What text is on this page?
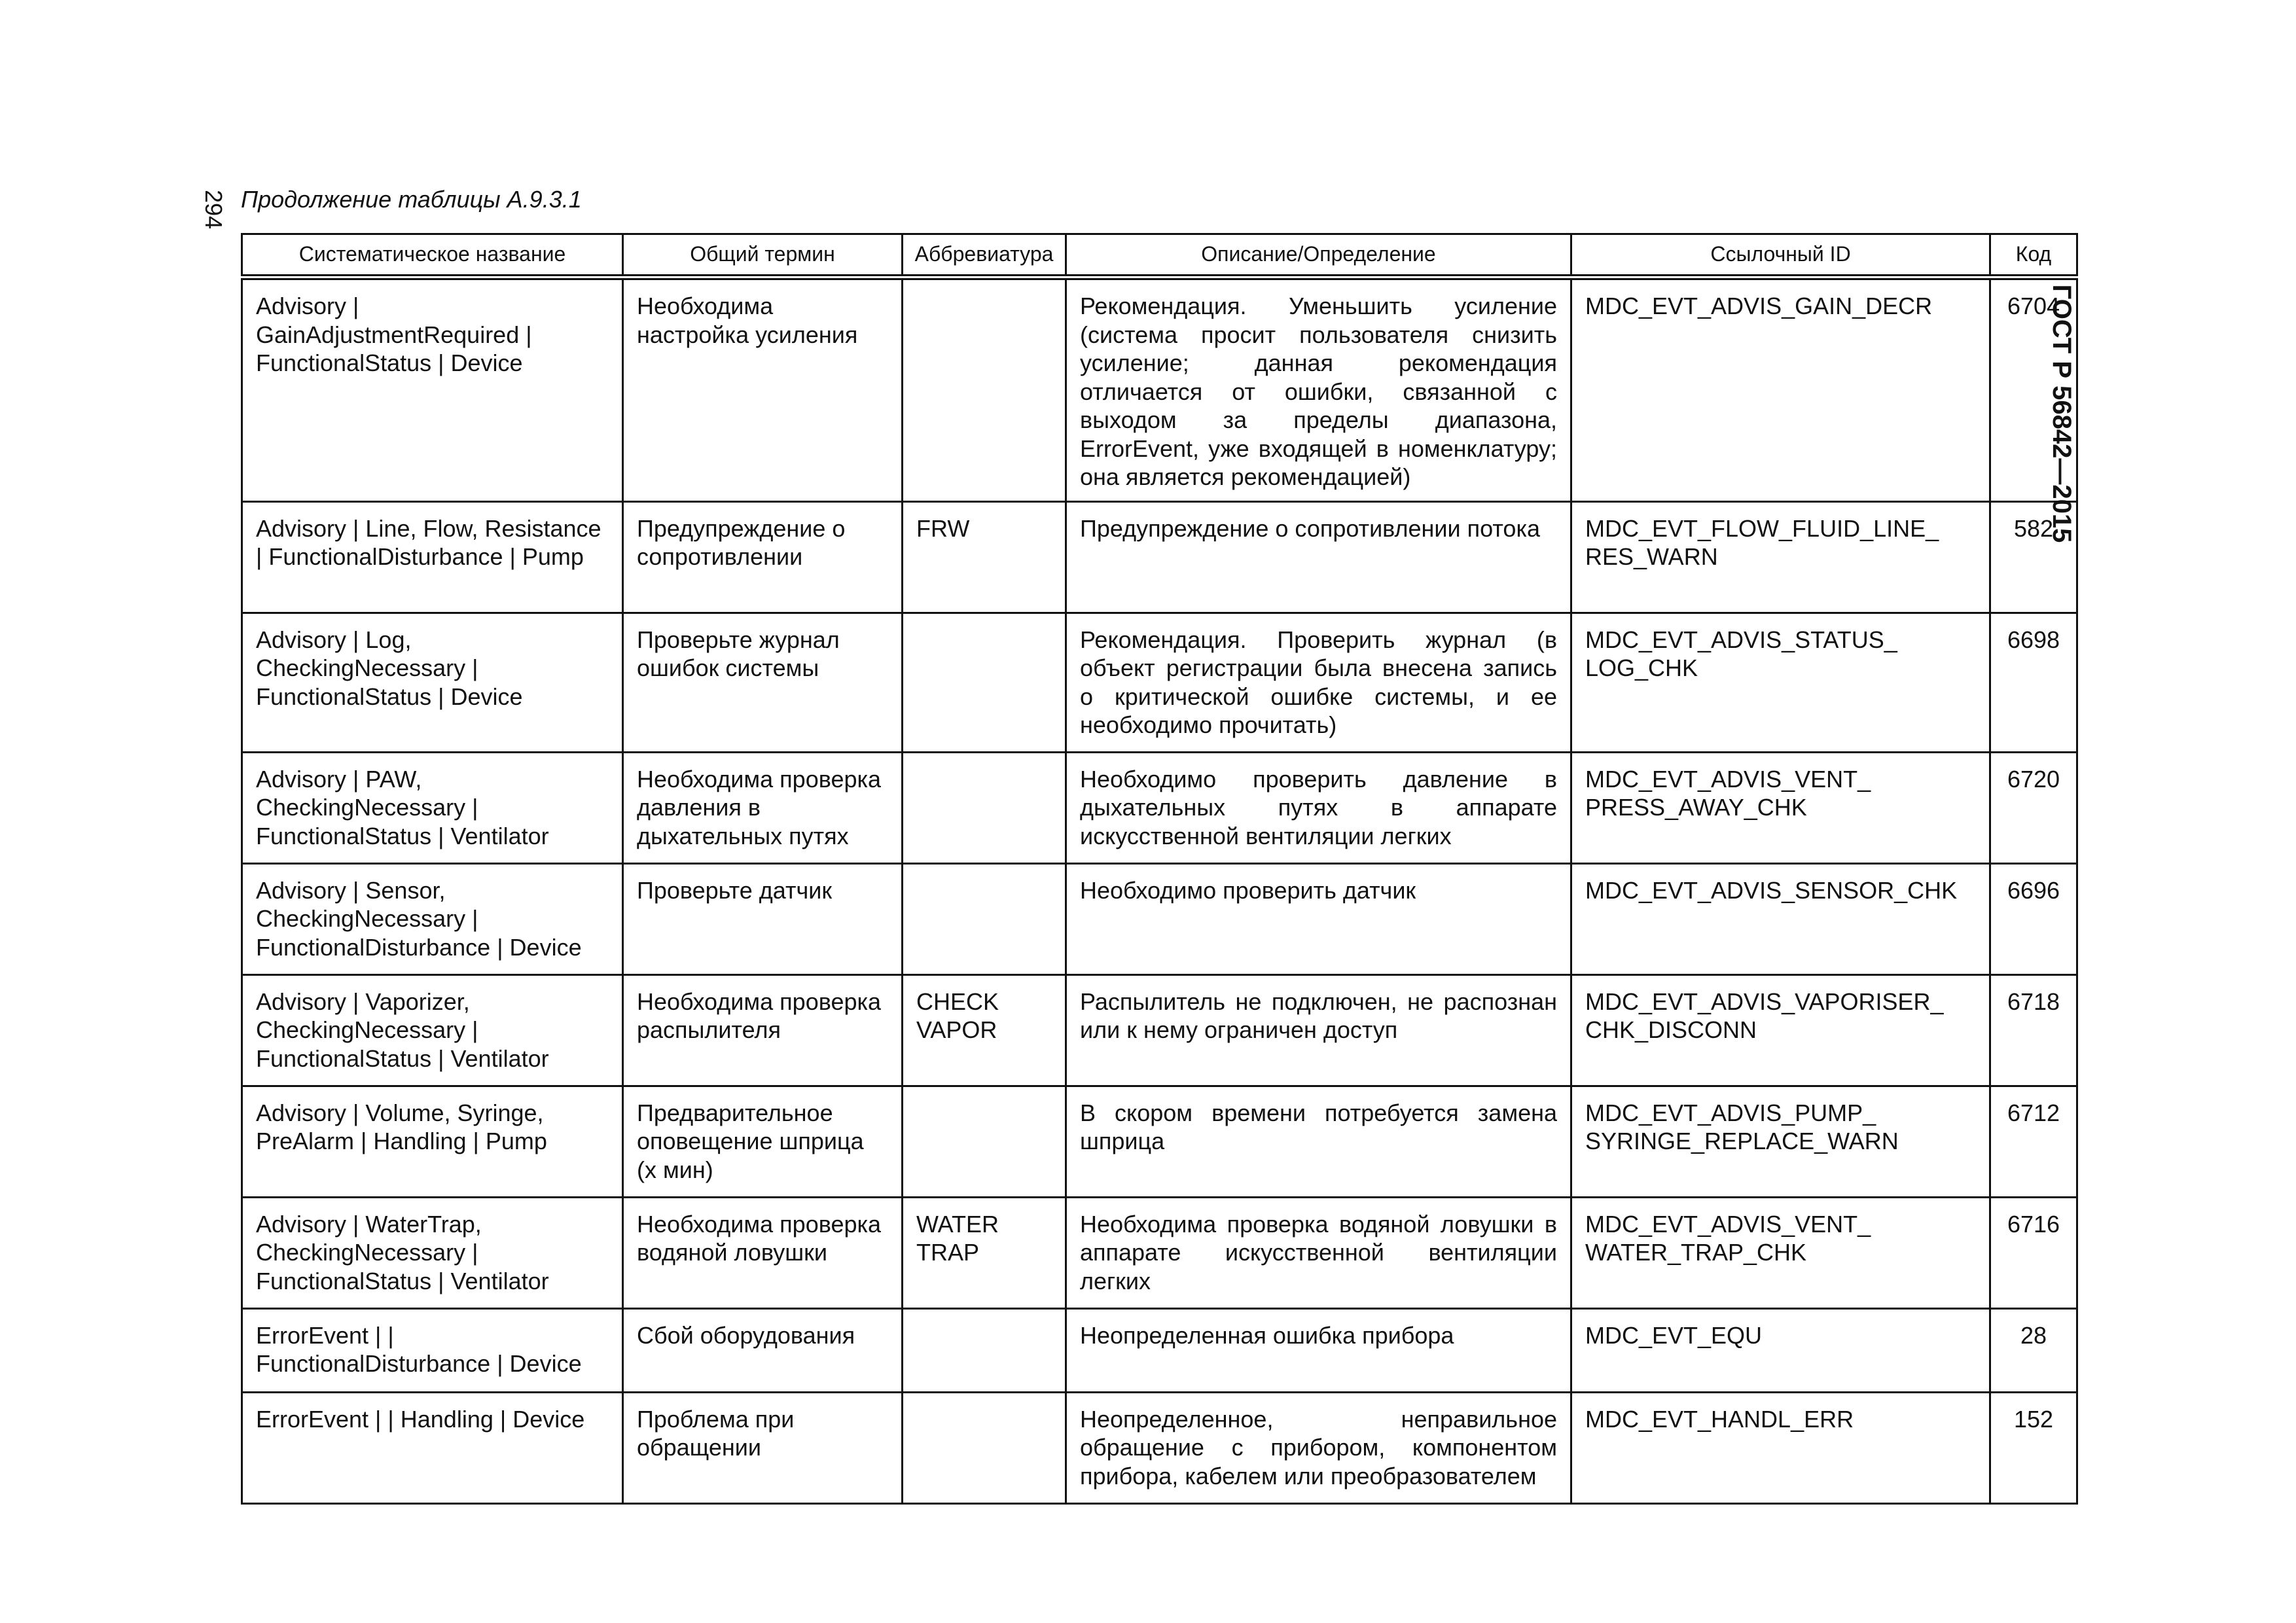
294
ГОСТ Р 56842—2015
Продолжение таблицы А.9.3.1
Систематическое название	Общий термин	Аббревиатура	Описание/Определение	Ссылочный ID	Код
Advisory | GainAdjustmentRequired | FunctionalStatus | Device	Необходима настройка усиления		Рекомендация. Уменьшить усиление (система просит пользователя снизить усиление; данная рекомендация отличается от ошибки, связанной с выходом за пределы диапазона, ErrorEvent, уже входящей в номенклатуру; она является рекомендацией)	MDC_EVT_ADVIS_GAIN_DECR	6704
Advisory | Line, Flow, Resistance | FunctionalDisturbance | Pump	Предупреждение о сопротивлении	FRW	Предупреждение о сопротивлении потока	MDC_EVT_FLOW_FLUID_LINE_ RES_WARN	582
Advisory | Log, CheckingNecessary | FunctionalStatus | Device	Проверьте журнал ошибок системы		Рекомендация. Проверить журнал (в объект регистрации была внесена запись о критической ошибке системы, и ее необходимо прочитать)	MDC_EVT_ADVIS_STATUS_ LOG_CHK	6698
Advisory | PAW, CheckingNecessary | FunctionalStatus | Ventilator	Необходима проверка давления в дыхательных путях		Необходимо проверить давление в дыхательных путях в аппарате искусственной вентиляции легких	MDC_EVT_ADVIS_VENT_ PRESS_AWAY_CHK	6720
Advisory | Sensor, CheckingNecessary | FunctionalDisturbance | Device	Проверьте датчик		Необходимо проверить датчик	MDC_EVT_ADVIS_SENSOR_CHK	6696
Advisory | Vaporizer, CheckingNecessary | FunctionalStatus | Ventilator	Необходима проверка распылителя	CHECK VAPOR	Распылитель не подключен, не распознан или к нему ограничен доступ	MDC_EVT_ADVIS_VAPORISER_ CHK_DISCONN	6718
Advisory | Volume, Syringe, PreAlarm | Handling | Pump	Предварительное оповещение шприца (x мин)		В скором времени потребуется замена шприца	MDC_EVT_ADVIS_PUMP_ SYRINGE_REPLACE_WARN	6712
Advisory | WaterTrap, CheckingNecessary | FunctionalStatus | Ventilator	Необходима проверка водяной ловушки	WATER TRAP	Необходима проверка водяной ловушки в аппарате искусственной вентиляции легких	MDC_EVT_ADVIS_VENT_ WATER_TRAP_CHK	6716
ErrorEvent | | FunctionalDisturbance | Device	Сбой оборудования		Неопределенная ошибка прибора	MDC_EVT_EQU	28
ErrorEvent | | Handling | Device	Проблема при обращении		Неопределенное, неправильное обращение с прибором, компонентом прибора, кабелем или преобразователем	MDC_EVT_HANDL_ERR	152
